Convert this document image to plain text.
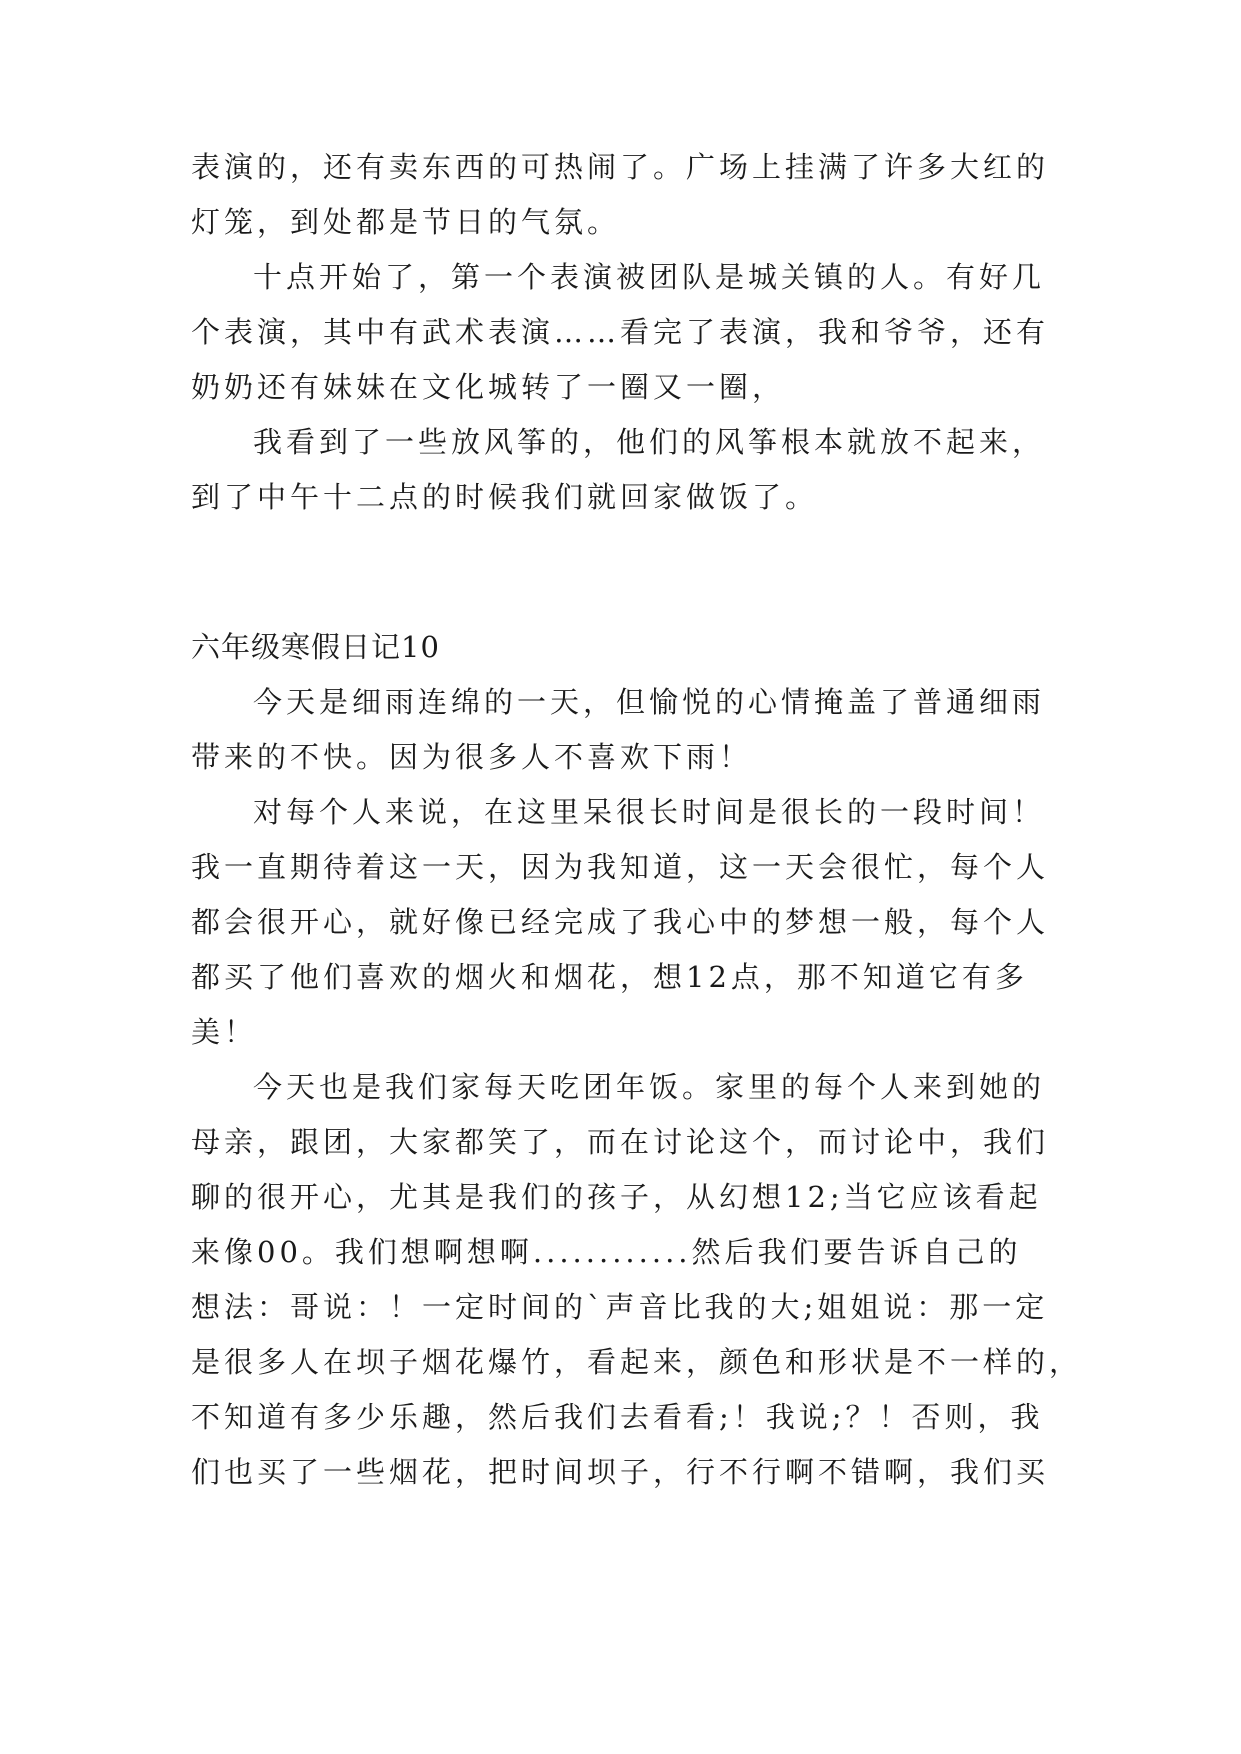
表演的，还有卖东西的可热闹了。广场上挂满了许多大红的
灯笼，到处都是节日的气氛。
十点开始了，第一个表演被团队是城关镇的人。有好几
个表演，其中有武术表演……看完了表演，我和爷爷，还有
奶奶还有妹妹在文化城转了一圈又一圈，
我看到了一些放风筝的，他们的风筝根本就放不起来，
到了中午十二点的时候我们就回家做饭了。
六年级寒假日记10
今天是细雨连绵的一天，但愉悦的心情掩盖了普通细雨
带来的不快。因为很多人不喜欢下雨！
对每个人来说，在这里呆很长时间是很长的一段时间！
我一直期待着这一天，因为我知道，这一天会很忙，每个人
都会很开心，就好像已经完成了我心中的梦想一般，每个人
都买了他们喜欢的烟火和烟花，想12点，那不知道它有多
美！
今天也是我们家每天吃团年饭。家里的每个人来到她的
母亲，跟团，大家都笑了，而在讨论这个，而讨论中，我们
聊的很开心，尤其是我们的孩子，从幻想12;当它应该看起
来像00。我们想啊想啊............然后我们要告诉自己的
想法：哥说：！一定时间的`声音比我的大;姐姐说：那一定
是很多人在坝子烟花爆竹，看起来，颜色和形状是不一样的，
不知道有多少乐趣，然后我们去看看;！我说;？！否则，我
们也买了一些烟花，把时间坝子，行不行啊不错啊，我们买
